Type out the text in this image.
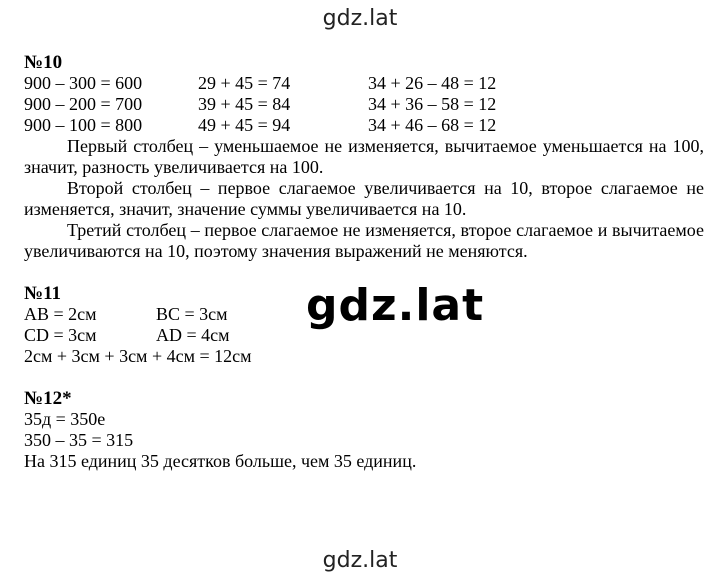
gdz.lat
gdz.lat
gdz.lat
№10
900 – 300 = 600	29 + 45 = 74	34 + 26 – 48 = 12
900 – 200 = 700	39 + 45 = 84	34 + 36 – 58 = 12
900 – 100 = 800	49 + 45 = 94	34 + 46 – 68 = 12

Первый столбец – уменьшаемое не изменяется, вычитаемое уменьшается на 100, значит, разность увеличивается на 100.

Второй столбец – первое слагаемое увеличивается на 10, второе слагаемое не изменяется, значит, значение суммы увеличивается на 10.

Третий столбец – первое слагаемое не изменяется, второе слагаемое и вычитаемое увеличиваются на 10, поэтому значения выражений не меняются.

№11
AB = 2см	BC = 3см
CD = 3см	AD = 4см
2см + 3см + 3см + 4см = 12см
№12*
35д = 350е
350 – 35 = 315
На 315 единиц 35 десятков больше, чем 35 единиц.
